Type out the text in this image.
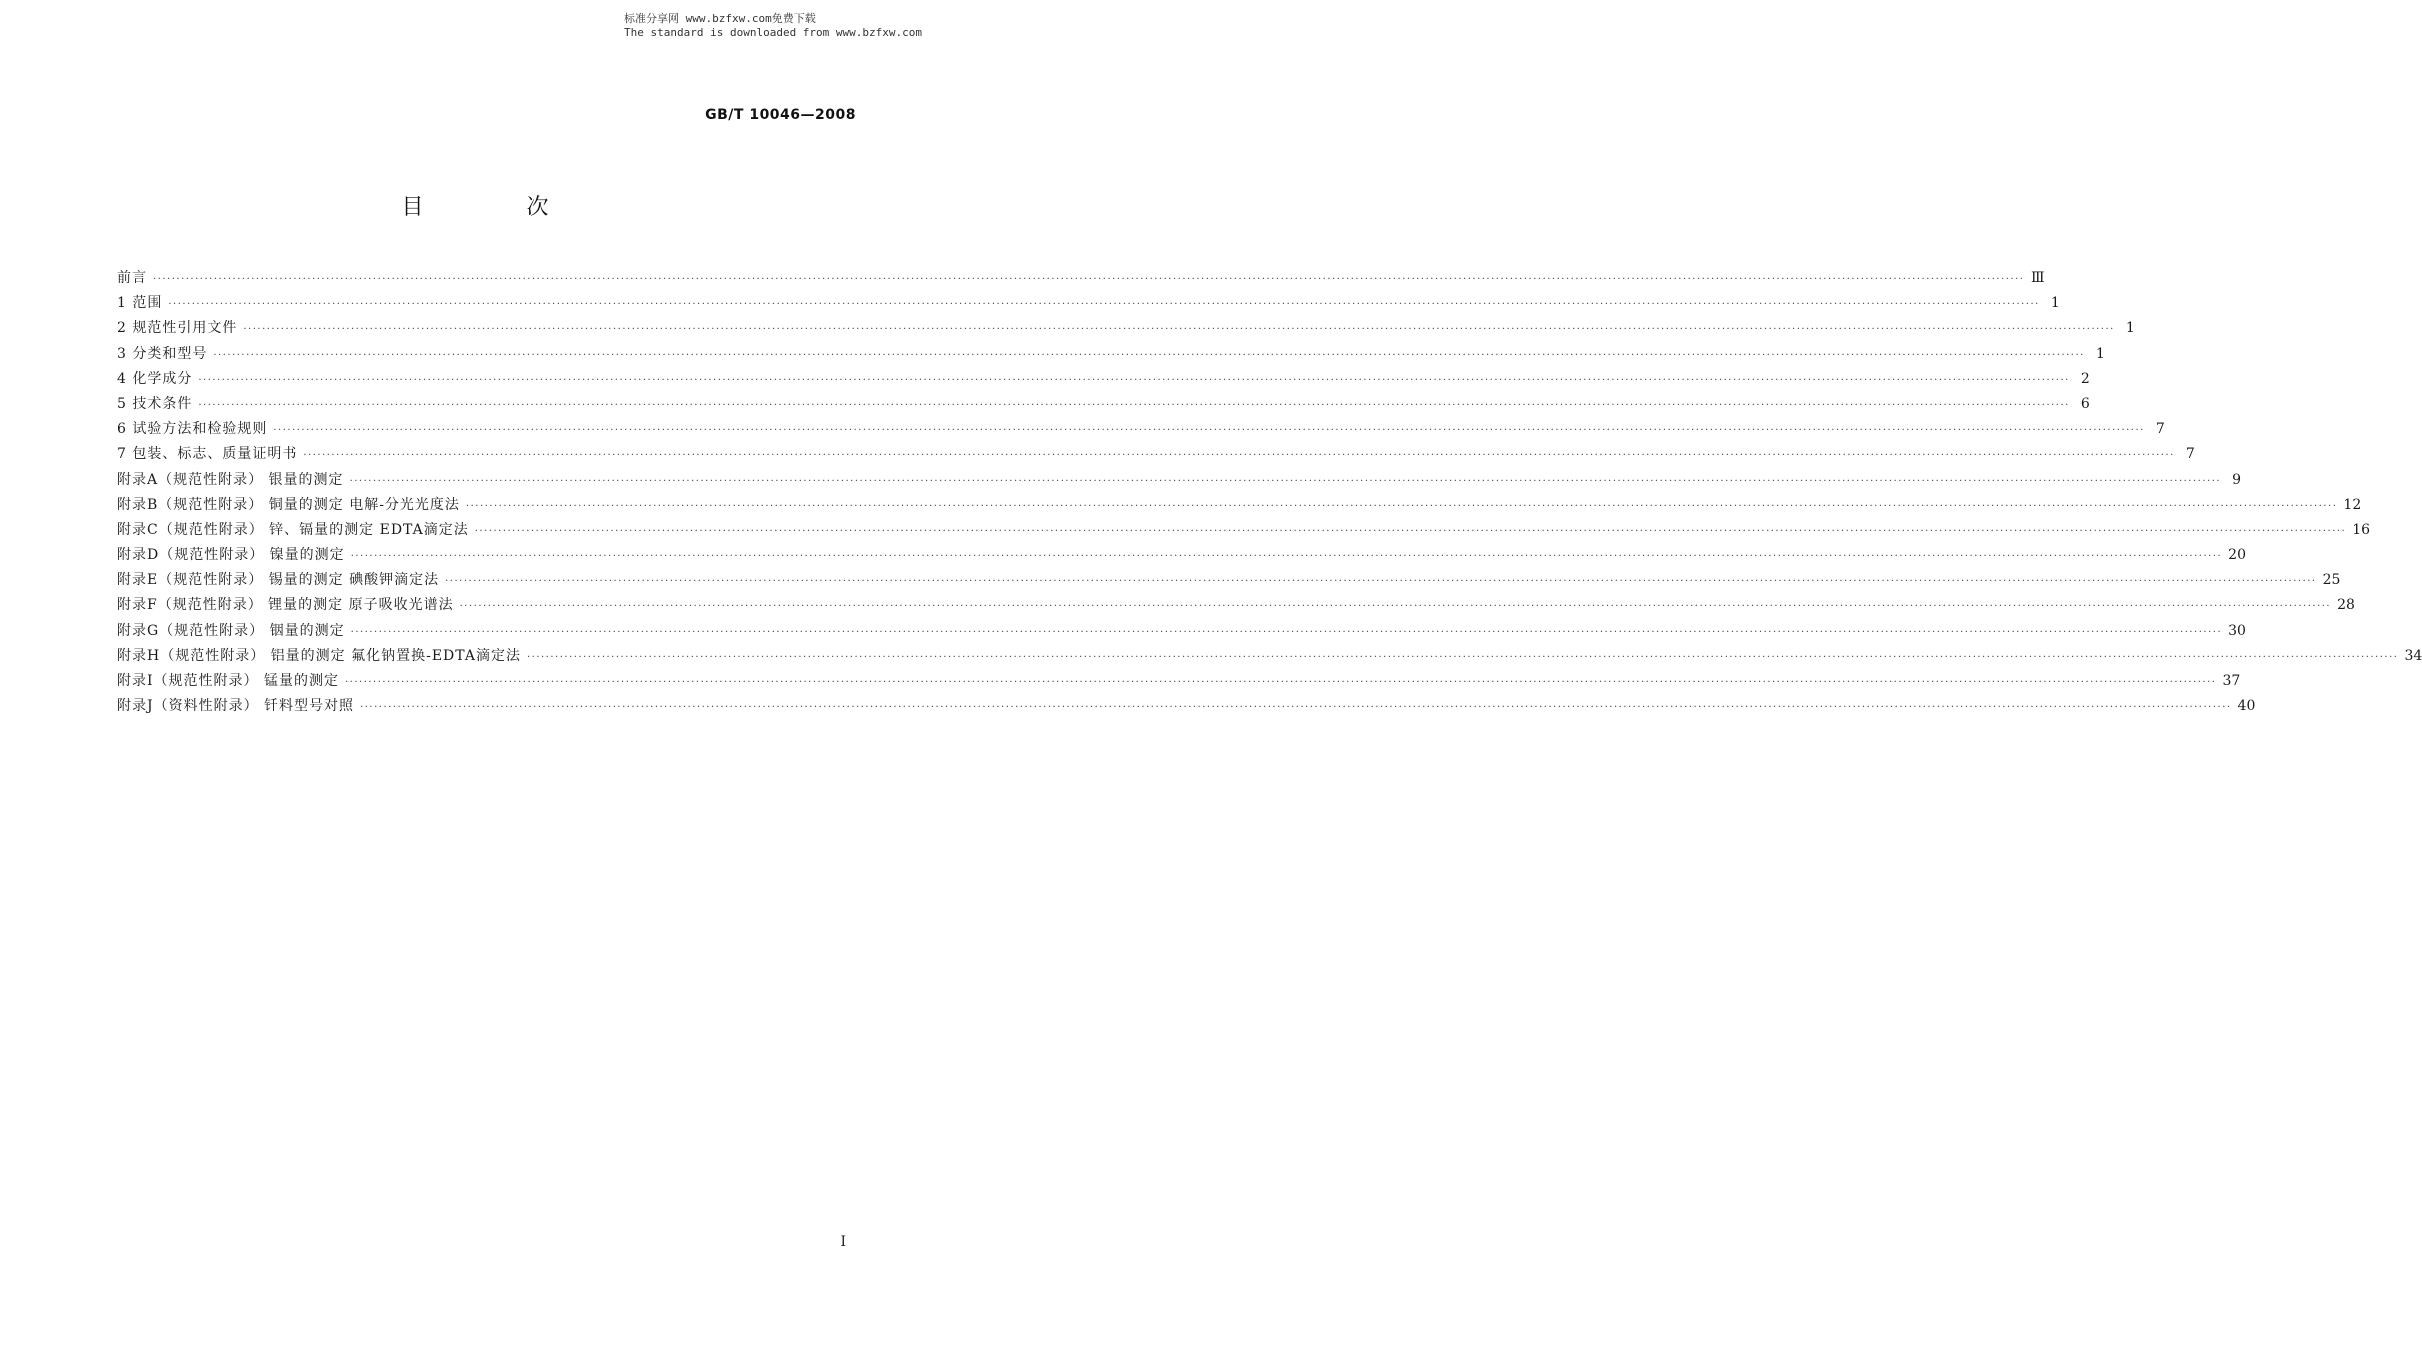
标准分享网 www.bzfxw.com免费下载
The standard is downloaded from www.bzfxw.com
GB/T 10046—2008
目 次
前言 ················································································································································································································································································································································································································ Ⅲ
1 范围 ················································································································································································································································································································································································································ 1
2 规范性引用文件 ················································································································································································································································································································································································································ 1
3 分类和型号 ················································································································································································································································································································································································································ 1
4 化学成分 ················································································································································································································································································································································································································ 2
5 技术条件 ················································································································································································································································································································································································································ 6
6 试验方法和检验规则 ················································································································································································································································································································································································································ 7
7 包装、标志、质量证明书 ················································································································································································································································································································································································································ 7
附录A（规范性附录） 银量的测定 ················································································································································································································································································································································································································ 9
附录B（规范性附录） 铜量的测定 电解-分光光度法 ················································································································································································································································································································································································································ 12
附录C（规范性附录） 锌、镉量的测定 EDTA滴定法 ················································································································································································································································································································································································································ 16
附录D（规范性附录） 镍量的测定 ················································································································································································································································································································································································································ 20
附录E（规范性附录） 锡量的测定 碘酸钾滴定法 ················································································································································································································································································································································································································ 25
附录F（规范性附录） 锂量的测定 原子吸收光谱法 ················································································································································································································································································································································································································ 28
附录G（规范性附录） 铟量的测定 ················································································································································································································································································································································································································ 30
附录H（规范性附录） 铝量的测定 氟化钠置换-EDTA滴定法 ················································································································································································································································································································································································································ 34
附录I（规范性附录） 锰量的测定 ················································································································································································································································································································································································································ 37
附录J（资料性附录） 钎料型号对照 ················································································································································································································································································································································································································ 40
I
